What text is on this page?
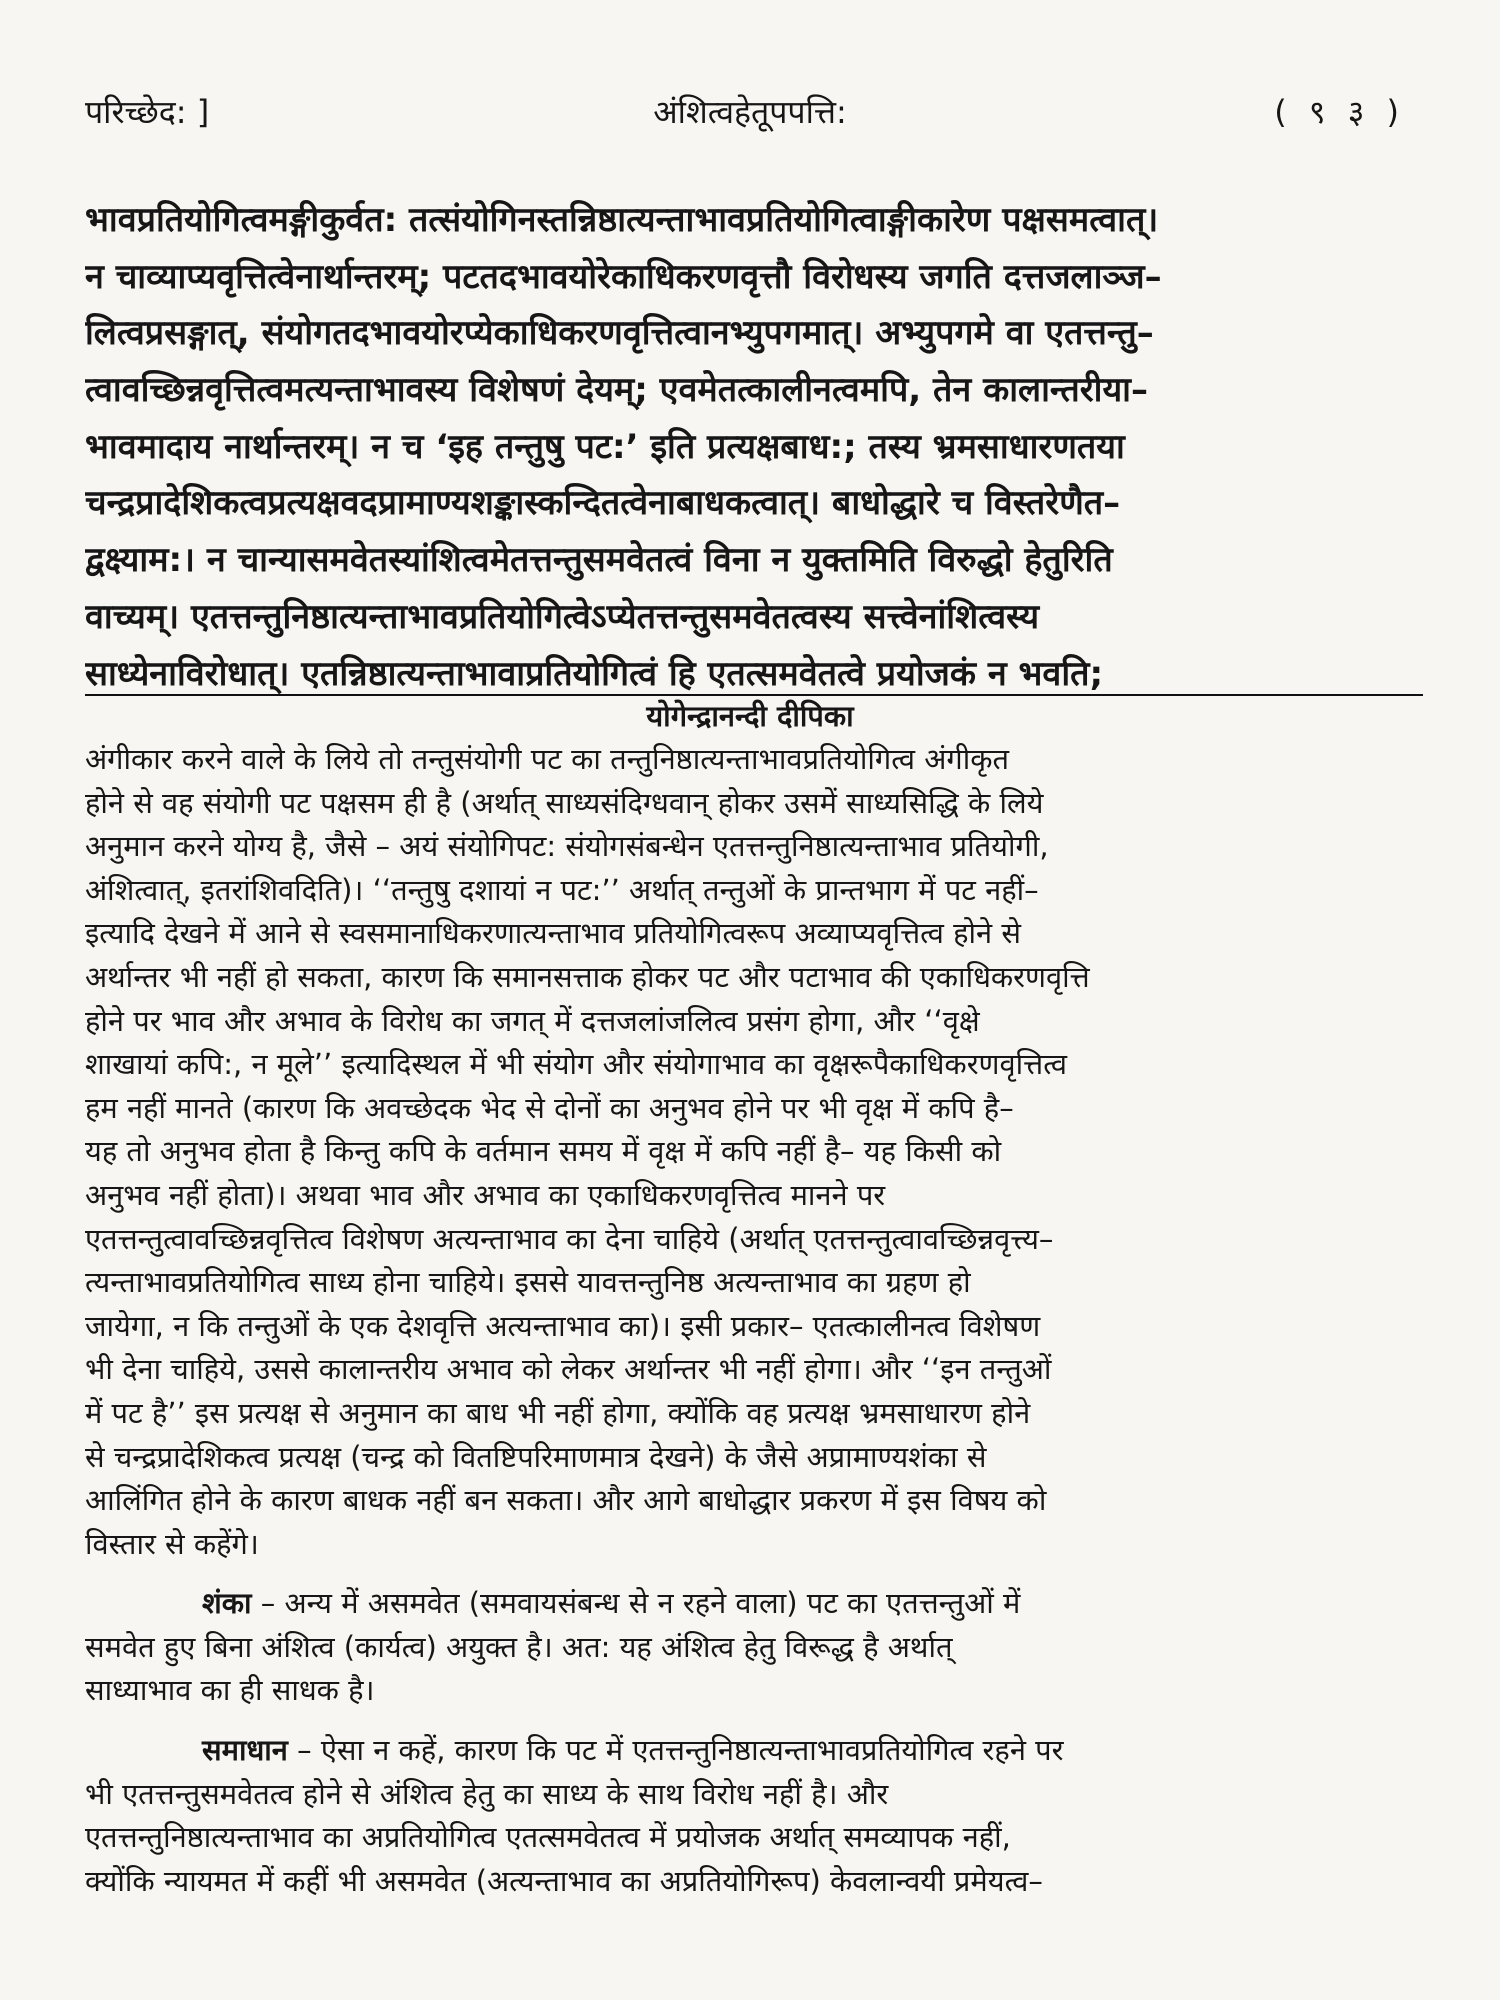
परिच्छेद: ]	अंशित्वहेतूपपत्ति:	( ९ ३ )
भावप्रतियोगित्वमङ्गीकुर्वत: तत्संयोगिनस्तन्निष्ठात्यन्ताभावप्रतियोगित्वाङ्गीकारेण पक्षसमत्वात्।
न चाव्याप्यवृत्तित्वेनार्थान्तरम्; पटतदभावयोरेकाधिकरणवृत्तौ विरोधस्य जगति दत्तजलाञ्ज–
लित्वप्रसङ्गात्, संयोगतदभावयोरप्येकाधिकरणवृत्तित्वानभ्युपगमात्। अभ्युपगमे वा एतत्तन्तु–
त्वावच्छिन्नवृत्तित्वमत्यन्ताभावस्य विशेषणं देयम्; एवमेतत्कालीनत्वमपि, तेन कालान्तरीया–
भावमादाय नार्थान्तरम्। न च ‘इह तन्तुषु पट:’ इति प्रत्यक्षबाध:; तस्य भ्रमसाधारणतया
चन्द्रप्रादेशिकत्वप्रत्यक्षवदप्रामाण्यशङ्कास्कन्दितत्वेनाबाधकत्वात्। बाधोद्धारे च विस्तरेणैत–
द्वक्ष्याम:। न चान्यासमवेतस्यांशित्वमेतत्तन्तुसमवेतत्वं विना न युक्तमिति विरुद्धो हेतुरिति
वाच्यम्। एतत्तन्तुनिष्ठात्यन्ताभावप्रतियोगित्वेऽप्येतत्तन्तुसमवेतत्वस्य सत्त्वेनांशित्वस्य
साध्येनाविरोधात्। एतन्निष्ठात्यन्ताभावाप्रतियोगित्वं हि एतत्समवेतत्वे प्रयोजकं न भवति;
योगेन्द्रानन्दी दीपिका
अंगीकार करने वाले के लिये तो तन्तुसंयोगी पट का तन्तुनिष्ठात्यन्ताभावप्रतियोगित्व अंगीकृत
होने से वह संयोगी पट पक्षसम ही है (अर्थात् साध्यसंदिग्धवान् होकर उसमें साध्यसिद्धि के लिये
अनुमान करने योग्य है, जैसे – अयं संयोगिपट: संयोगसंबन्धेन एतत्तन्तुनिष्ठात्यन्ताभाव प्रतियोगी,
अंशित्वात्, इतरांशिवदिति)। ‘‘तन्तुषु दशायां न पट:’’ अर्थात् तन्तुओं के प्रान्तभाग में पट नहीं–
इत्यादि देखने में आने से स्वसमानाधिकरणात्यन्ताभाव प्रतियोगित्वरूप अव्याप्यवृत्तित्व होने से
अर्थान्तर भी नहीं हो सकता, कारण कि समानसत्ताक होकर पट और पटाभाव की एकाधिकरणवृत्ति
होने पर भाव और अभाव के विरोध का जगत् में दत्तजलांजलित्व प्रसंग होगा, और ‘‘वृक्षे
शाखायां कपि:, न मूले’’ इत्यादिस्थल में भी संयोग और संयोगाभाव का वृक्षरूपैकाधिकरणवृत्तित्व
हम नहीं मानते (कारण कि अवच्छेदक भेद से दोनों का अनुभव होने पर भी वृक्ष में कपि है–
यह तो अनुभव होता है किन्तु कपि के वर्तमान समय में वृक्ष में कपि नहीं है– यह किसी को
अनुभव नहीं होता)। अथवा भाव और अभाव का एकाधिकरणवृत्तित्व मानने पर
एतत्तन्तुत्वावच्छिन्नवृत्तित्व विशेषण अत्यन्ताभाव का देना चाहिये (अर्थात् एतत्तन्तुत्वावच्छिन्नवृत्त्य–
त्यन्ताभावप्रतियोगित्व साध्य होना चाहिये। इससे यावत्तन्तुनिष्ठ अत्यन्ताभाव का ग्रहण हो
जायेगा, न कि तन्तुओं के एक देशवृत्ति अत्यन्ताभाव का)। इसी प्रकार– एतत्कालीनत्व विशेषण
भी देना चाहिये, उससे कालान्तरीय अभाव को लेकर अर्थान्तर भी नहीं होगा। और ‘‘इन तन्तुओं
में पट है’’ इस प्रत्यक्ष से अनुमान का बाध भी नहीं होगा, क्योंकि वह प्रत्यक्ष भ्रमसाधारण होने
से चन्द्रप्रादेशिकत्व प्रत्यक्ष (चन्द्र को वितष्टिपरिमाणमात्र देखने) के जैसे अप्रामाण्यशंका से
आलिंगित होने के कारण बाधक नहीं बन सकता। और आगे बाधोद्धार प्रकरण में इस विषय को
विस्तार से कहेंगे।
शंका – अन्य में असमवेत (समवायसंबन्ध से न रहने वाला) पट का एतत्तन्तुओं में
समवेत हुए बिना अंशित्व (कार्यत्व) अयुक्त है। अत: यह अंशित्व हेतु विरूद्ध है अर्थात्
साध्याभाव का ही साधक है।
समाधान – ऐसा न कहें, कारण कि पट में एतत्तन्तुनिष्ठात्यन्ताभावप्रतियोगित्व रहने पर
भी एतत्तन्तुसमवेतत्व होने से अंशित्व हेतु का साध्य के साथ विरोध नहीं है। और
एतत्तन्तुनिष्ठात्यन्ताभाव का अप्रतियोगित्व एतत्समवेतत्व में प्रयोजक अर्थात् समव्यापक नहीं,
क्योंकि न्यायमत में कहीं भी असमवेत (अत्यन्ताभाव का अप्रतियोगिरूप) केवलान्वयी प्रमेयत्व–
